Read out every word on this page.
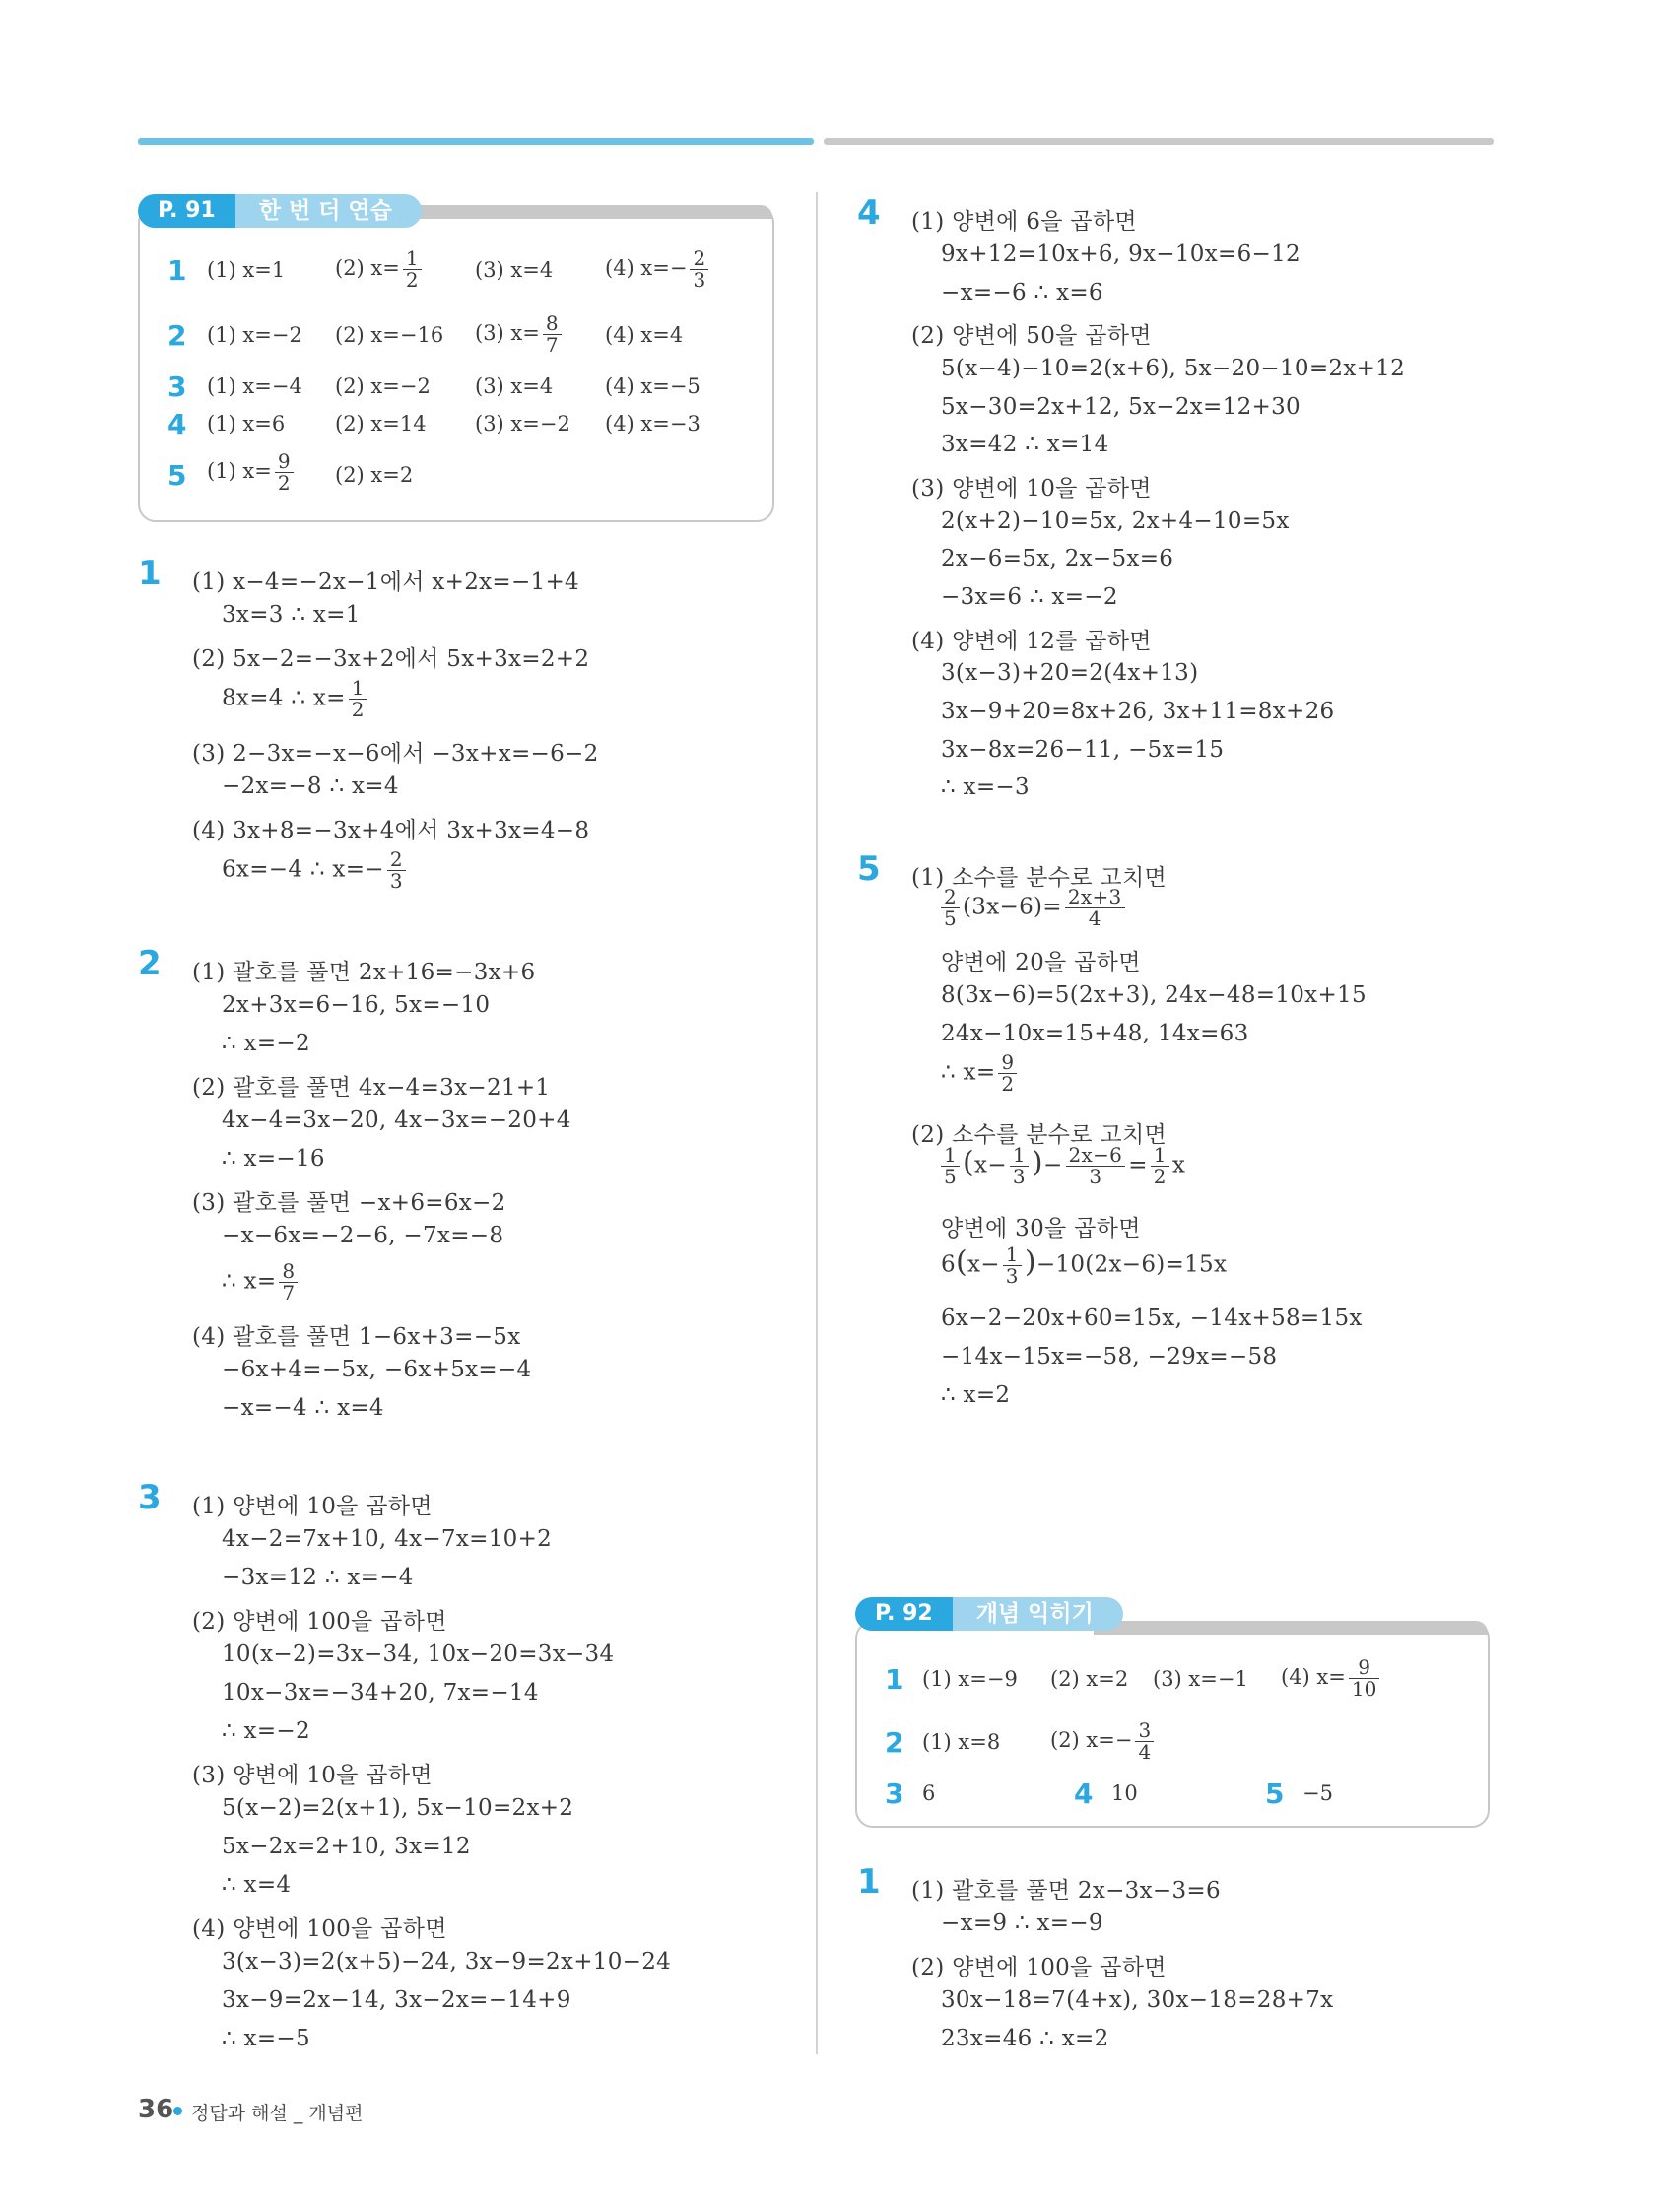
P. 91	한 번 더 연습
1 (1) x=1 (2) $x= \frac{1}{2}$	(3) x=4	(4) $x=- \frac{2}{3}$
2 (1) x=−2 (2) x=−16 (3) $x= \frac{8}{7} (4)$ x=4
3 (1) x=−4 (2) x=−2 (3) x=4	(4) x=−5
4 (1) x=6 (2) x=14 (3) x=−2 (4) x=−3
5 (1) $x= \frac{9}{2} (2)$ x=2
1 (1) x−4=−2x−1에서 x+2x=−1+4
3x=3 ∴ x=1
(2) 5x−2=−3x+2에서 5x+3x=2+2
8x=4 ∴ $x= \frac{1}{2}$
(3) 2−3x=−x−6에서 −3x+x=−6−2
−2x=−8 ∴ x=4
(4) 3x+8=−3x+4에서 3x+3x=4−8
6x=−4 ∴ $x=- \frac{2}{3}$
2 (1) 괄호를 풀면 2x+16=−3x+6
2x+3x=6−16, 5x=−10
∴ x=−2
(2) 괄호를 풀면 4x−4=3x−21+1
4x−4=3x−20, 4x−3x=−20+4
∴ x=−16
(3) 괄호를 풀면 −x+6=6x−2
−x−6x=−2−6, −7x=−8
∴ $x= \frac{8}{7}$
(4) 괄호를 풀면 1−6x+3=−5x
−6x+4=−5x, −6x+5x=−4
−x=−4 ∴ x=4
3 (1) 양변에 10을 곱하면
4x−2=7x+10, 4x−7x=10+2
−3x=12 ∴ x=−4
(2) 양변에 100을 곱하면
10(x−2)=3x−34, 10x−20=3x−34
10x−3x=−34+20, 7x=−14
∴ x=−2
(3) 양변에 10을 곱하면
5(x−2)=2(x+1), 5x−10=2x+2
5x−2x=2+10, 3x=12
∴ x=4
(4) 양변에 100을 곱하면
3(x−3)=2(x+5)−24, 3x−9=2x+10−24
3x−9=2x−14, 3x−2x=−14+9
∴ x=−5
4 (1) 양변에 6을 곱하면
9x+12=10x+6, 9x−10x=6−12
−x=−6 ∴ x=6
(2) 양변에 50을 곱하면
5(x−4)−10=2(x+6), 5x−20−10=2x+12
5x−30=2x+12, 5x−2x=12+30
3x=42 ∴ x=14
(3) 양변에 10을 곱하면
2(x+2)−10=5x, 2x+4−10=5x
2x−6=5x, 2x−5x=6
−3x=6 ∴ x=−2
(4) 양변에 12를 곱하면
3(x−3)+20=2(4x+13)
3x−9+20=8x+26, 3x+11=8x+26
3x−8x=26−11, −5x=15
∴ x=−3
5 (1) 소수를 분수로 고치면
$\frac{2}{5} (3x-6)= \frac{2x+3}{4}$
양변에 20을 곱하면
8(3x−6)=5(2x+3), 24x−48=10x+15
24x−10x=15+48, 14x=63
∴ $x= \frac{9}{2}$
(2) 소수를 분수로 고치면
$\frac{1}{5} (x- \frac{1}{3}$ )− $\frac{2x-6}{3} = \frac{1}{2}$ x
양변에 30을 곱하면
$6(x- \frac{1}{3} )-10(2x-6)=15x$
6x−2−20x+60=15x, −14x+58=15x
−14x−15x=−58, −29x=−58
∴ x=2
P. 92	개념 익히기
1 (1) x=−9 (2) x=2 (3) x=−1 (4) $x= \frac{9}{10}$
2 (1) x=8 (2) $x=- \frac{3}{4}$
3 6	4 10	5 −5
1 (1) 괄호를 풀면 2x−3x−3=6
−x=9 ∴ x=−9
(2) 양변에 100을 곱하면
30x−18=7(4+x), 30x−18=28+7x
23x=46 ∴ x=2
36 정답과 해설 _ 개념편
